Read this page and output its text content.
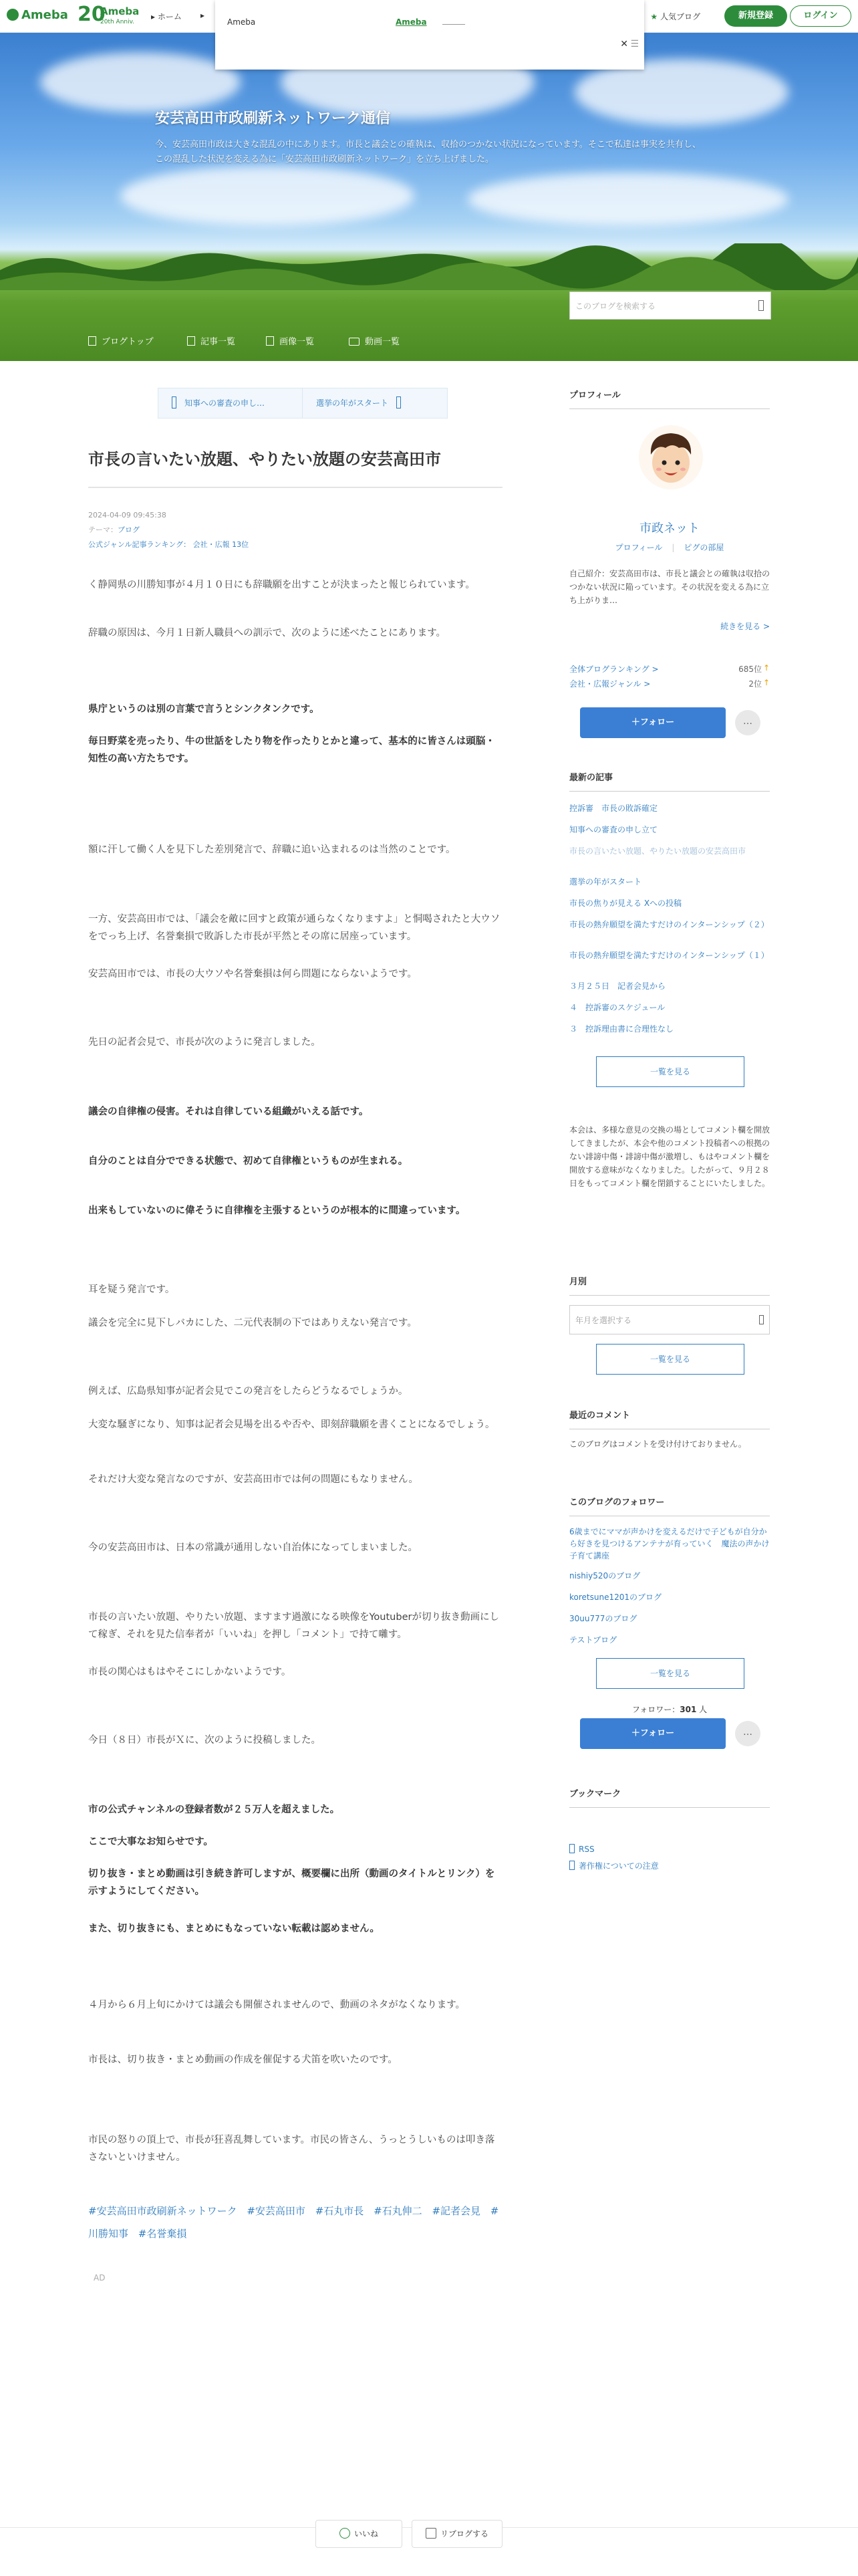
Ameba 20
Ameba
20th Anniv.
▸ ホーム ▸	★ 人気ブログ	新規登録	ログイン
Ameba	Ameba
✕ ☰
安芸高田市政刷新ネットワーク通信
今、安芸高田市政は大きな混乱の中にあります。市長と議会との確執は、収拾のつかない状況になっています。そこで私達は事実を共有し、この混乱した状況を変える為に「安芸高田市政刷新ネットワーク」を立ち上げました。
ブログトップ	記事一覧	画像一覧	動画一覧
このブログを検索する
知事への審査の申し…	選挙の年がスタート
市長の言いたい放題、やりたい放題の安芸高田市
2024-04-09 09:45:38
テーマ：ブログ
公式ジャンル記事ランキング： 会社・広報 13位
く静岡県の川勝知事が４月１０日にも辞職願を出すことが決まったと報じられています。
辞職の原因は、今月１日新人職員への訓示で、次のように述べたことにあります。
県庁というのは別の言葉で言うとシンクタンクです。
毎日野菜を売ったり、牛の世話をしたり物を作ったりとかと違って、基本的に皆さんは頭脳・知性の高い方たちです。
額に汗して働く人を見下した差別発言で、辞職に追い込まれるのは当然のことです。
一方、安芸高田市では、「議会を敵に回すと政策が通らなくなりますよ」と恫喝されたと大ウソをでっち上げ、名誉棄損で敗訴した市長が平然とその席に居座っています。
安芸高田市では、市長の大ウソや名誉棄損は何ら問題にならないようです。
先日の記者会見で、市長が次のように発言しました。
議会の自律権の侵害。それは自律している組織がいえる話です。
自分のことは自分でできる状態で、初めて自律権というものが生まれる。
出来もしていないのに偉そうに自律権を主張するというのが根本的に間違っています。
耳を疑う発言です。
議会を完全に見下しバカにした、二元代表制の下ではありえない発言です。
例えば、広島県知事が記者会見でこの発言をしたらどうなるでしょうか。
大変な騒ぎになり、知事は記者会見場を出るや否や、即刻辞職願を書くことになるでしょう。
それだけ大変な発言なのですが、安芸高田市では何の問題にもなりません。
今の安芸高田市は、日本の常識が通用しない自治体になってしまいました。
市長の言いたい放題、やりたい放題、ますます過激になる映像をYoutuberが切り抜き動画にして稼ぎ、それを見た信奉者が「いいね」を押し「コメント」で持て囃す。
市長の関心はもはやそこにしかないようです。
今日（８日）市長がＸに、次のように投稿しました。
市の公式チャンネルの登録者数が２５万人を超えました。
ここで大事なお知らせです。
切り抜き・まとめ動画は引き続き許可しますが、概要欄に出所（動画のタイトルとリンク）を示すようにしてください。
また、切り抜きにも、まとめにもなっていない転載は認めません。
４月から６月上旬にかけては議会も開催されませんので、動画のネタがなくなります。
市長は、切り抜き・まとめ動画の作成を催促する犬笛を吹いたのです。
市民の怒りの頂上で、市長が狂喜乱舞しています。市民の皆さん、うっとうしいものは叩き落さないといけません。
#安芸高田市政刷新ネットワーク #安芸高田市 #石丸市長 #石丸伸二 #記者会見 #川勝知事 #名誉棄損
AD
プロフィール
市政ネット
プロフィール | ピグの部屋
自己紹介：安芸高田市は、市長と議会との確執は収拾のつかない状況に陥っています。その状況を変える為に立ち上がりま…
続きを見る >
全体ブログランキング >	685位 ↑
会社・広報ジャンル >	2位 ↑
＋フォロー	…
最新の記事
控訴審　市長の敗訴確定
知事への審査の申し立て
市長の言いたい放題、やりたい放題の安芸高田市
選挙の年がスタート
市長の焦りが見える Xへの投稿
市長の熱弁願望を満たすだけのインターンシップ（２）
市長の熱弁願望を満たすだけのインターンシップ（１）
３月２５日　記者会見から
４　控訴審のスケジュール
３　控訴理由書に合理性なし
一覧を見る
本会は、多様な意見の交換の場としてコメント欄を開放してきましたが、本会や他のコメント投稿者への根拠のない誹謗中傷・誹謗中傷が激増し、もはやコメント欄を開放する意味がなくなりました。したがって、９月２８日をもってコメント欄を閉鎖することにいたしました。
月別
年月を選択する
一覧を見る
最近のコメント
このブログはコメントを受け付けておりません。
このブログのフォロワー
6歳までにママが声かけを変えるだけで子どもが自分から好きを見つけるアンテナが育っていく　魔法の声かけ子育て講座
nishiy520のブログ
koretsune1201のブログ
30uu777のブログ
テストブログ
一覧を見る
フォロワー：301 人
＋フォロー	…
ブックマーク
RSS
著作権についての注意
いいね	リブログする
